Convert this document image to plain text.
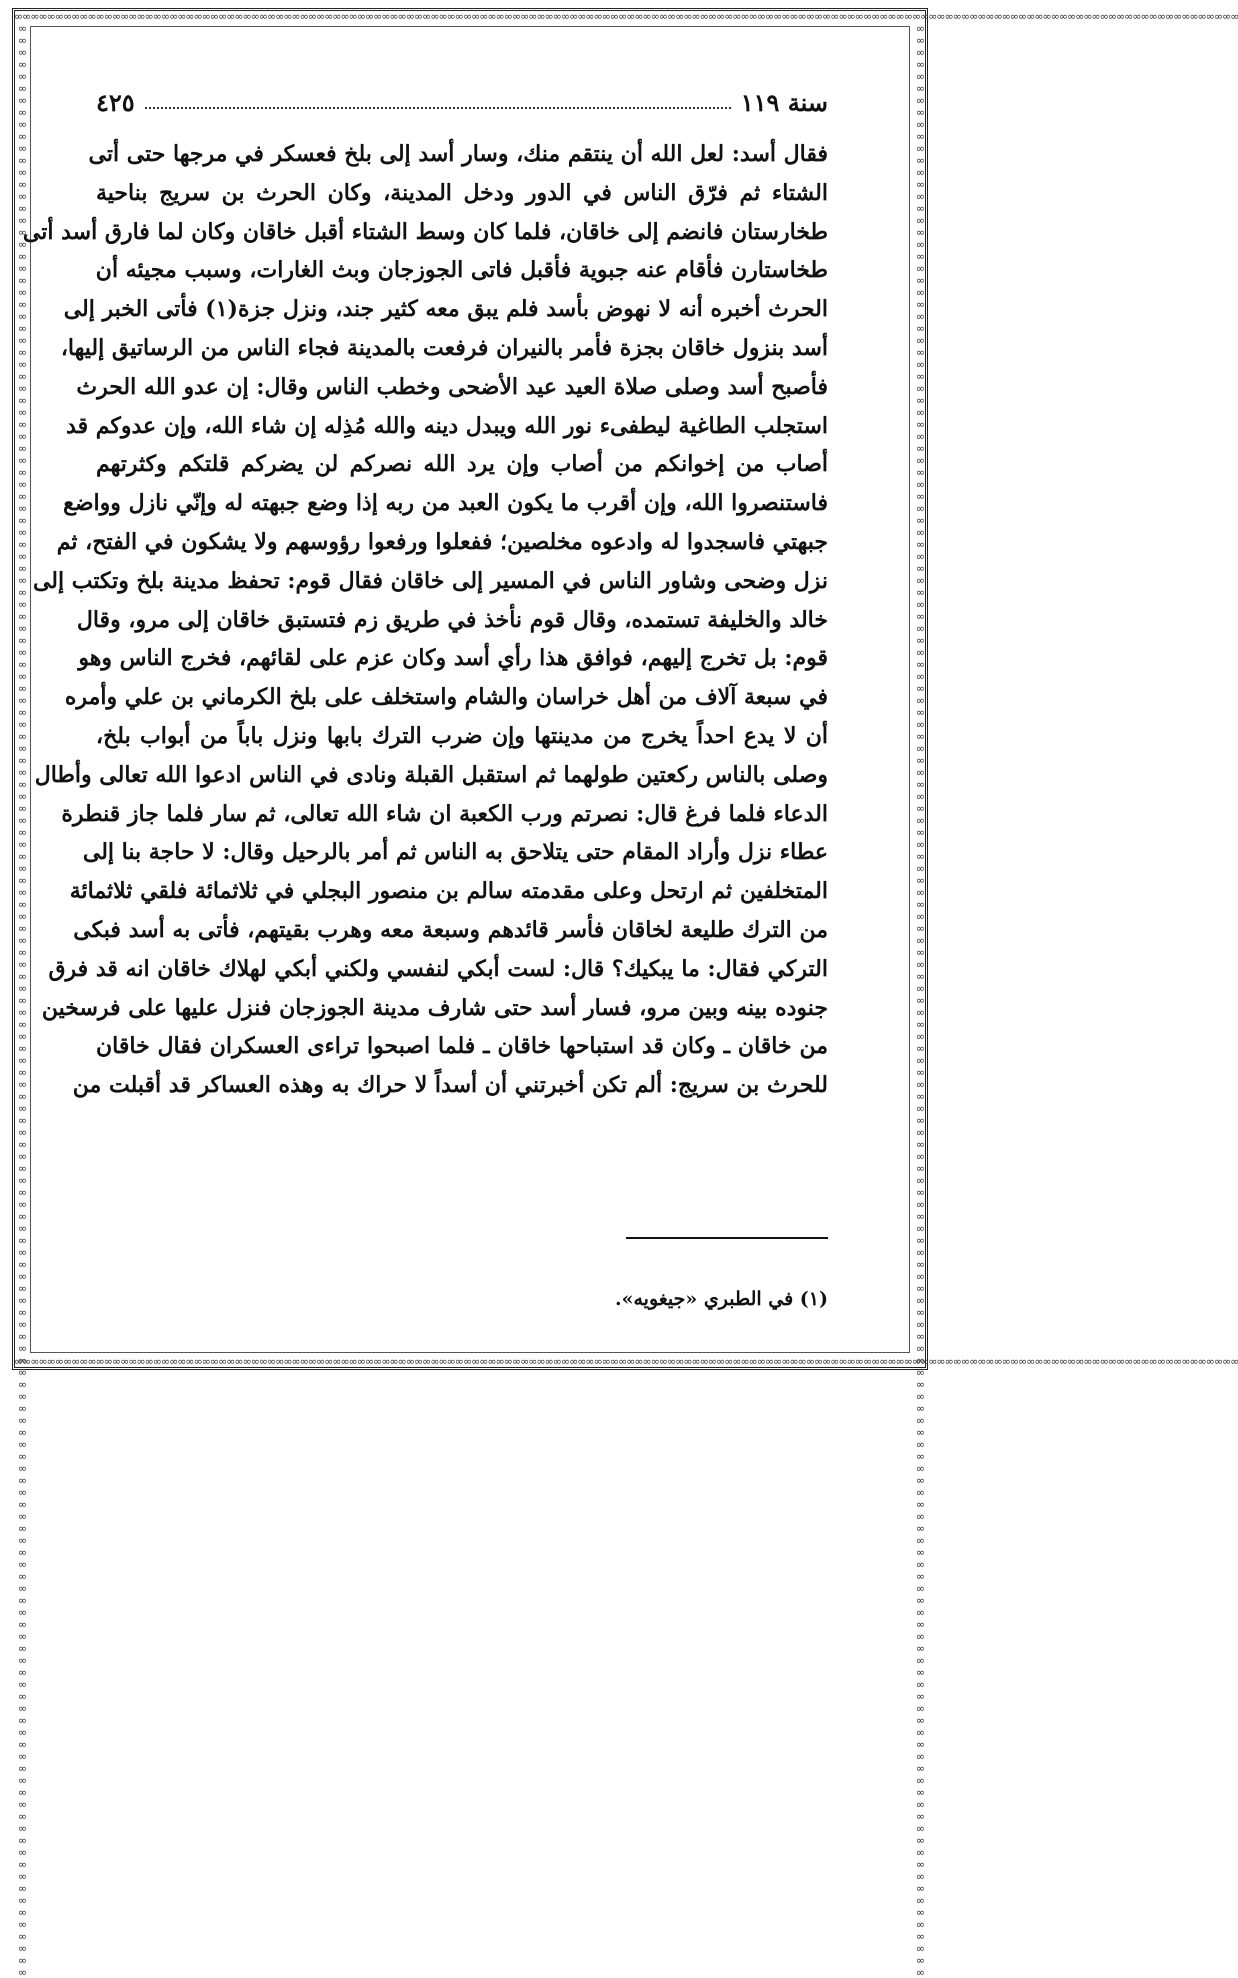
∞∞∞∞∞∞∞∞∞∞∞∞∞∞∞∞∞∞∞∞∞∞∞∞∞∞∞∞∞∞∞∞∞∞∞∞∞∞∞∞∞∞∞∞∞∞∞∞∞∞∞∞∞∞∞∞∞∞∞∞∞∞∞∞∞∞∞∞∞∞∞∞∞∞∞∞∞∞∞∞∞∞∞∞∞∞∞∞∞∞∞∞∞∞∞∞∞∞∞∞∞∞∞∞∞∞∞∞∞∞∞∞∞∞∞∞∞∞∞∞∞∞∞∞∞∞∞∞∞∞∞∞∞∞∞∞∞∞∞∞∞∞∞∞∞∞∞∞∞∞
∞∞∞∞∞∞∞∞∞∞∞∞∞∞∞∞∞∞∞∞∞∞∞∞∞∞∞∞∞∞∞∞∞∞∞∞∞∞∞∞∞∞∞∞∞∞∞∞∞∞∞∞∞∞∞∞∞∞∞∞∞∞∞∞∞∞∞∞∞∞∞∞∞∞∞∞∞∞∞∞∞∞∞∞∞∞∞∞∞∞∞∞∞∞∞∞∞∞∞∞∞∞∞∞∞∞∞∞∞∞∞∞∞∞∞∞∞∞∞∞∞∞∞∞∞∞∞∞∞∞∞∞∞∞∞∞∞∞∞∞∞∞∞∞∞∞∞∞∞∞
∞∞∞∞∞∞∞∞∞∞∞∞∞∞∞∞∞∞∞∞∞∞∞∞∞∞∞∞∞∞∞∞∞∞∞∞∞∞∞∞∞∞∞∞∞∞∞∞∞∞∞∞∞∞∞∞∞∞∞∞∞∞∞∞∞∞∞∞∞∞∞∞∞∞∞∞∞∞∞∞∞∞∞∞∞∞∞∞∞∞∞∞∞∞∞∞∞∞∞∞∞∞∞∞∞∞∞∞∞∞∞∞∞∞∞∞∞∞∞∞∞∞∞∞∞∞∞∞∞∞∞∞∞∞∞∞∞∞∞∞∞∞∞∞∞∞∞∞∞∞∞∞∞∞∞∞∞∞∞∞∞∞∞	∞∞∞∞∞∞∞∞∞∞∞∞∞∞∞∞∞∞∞∞∞∞∞∞∞∞∞∞∞∞∞∞∞∞∞∞∞∞∞∞∞∞∞∞∞∞∞∞∞∞∞∞∞∞∞∞∞∞∞∞∞∞∞∞∞∞∞∞∞∞∞∞∞∞∞∞∞∞∞∞∞∞∞∞∞∞∞∞∞∞∞∞∞∞∞∞∞∞∞∞∞∞∞∞∞∞∞∞∞∞∞∞∞∞∞∞∞∞∞∞∞∞∞∞∞∞∞∞∞∞∞∞∞∞∞∞∞∞∞∞∞∞∞∞∞∞∞∞∞∞∞∞∞∞∞∞∞∞∞∞∞∞∞
سنة ١١٩
٤٢٥
فقال أسد: لعل الله أن ينتقم منك، وسار أسد إلى بلخ فعسكر في مرجها حتى أتى
الشتاء ثم فرّق الناس في الدور ودخل المدينة، وكان الحرث بن سريج بناحية
طخارستان فانضم إلى خاقان، فلما كان وسط الشتاء أقبل خاقان وكان لما فارق أسد أتى
طخاستارن فأقام عنه جبوية فأقبل فاتى الجوزجان وبث الغارات، وسبب مجيئه أن
الحرث أخبره أنه لا نهوض بأسد فلم يبق معه كثير جند، ونزل جزة(١) فأتى الخبر إلى
أسد بنزول خاقان بجزة فأمر بالنيران فرفعت بالمدينة فجاء الناس من الرساتيق إليها،
فأصبح أسد وصلى صلاة العيد عيد الأضحى وخطب الناس وقال: إن عدو الله الحرث
استجلب الطاغية ليطفىء نور الله ويبدل دينه والله مُذِله إن شاء الله، وإن عدوكم قد
أصاب من إخوانكم من أصاب وإن يرد الله نصركم لن يضركم قلتكم وكثرتهم
فاستنصروا الله، وإن أقرب ما يكون العبد من ربه إذا وضع جبهته له وإنّي نازل وواضع
جبهتي فاسجدوا له وادعوه مخلصين؛ ففعلوا ورفعوا رؤوسهم ولا يشكون في الفتح، ثم
نزل وضحى وشاور الناس في المسير إلى خاقان فقال قوم: تحفظ مدينة بلخ وتكتب إلى
خالد والخليفة تستمده، وقال قوم نأخذ في طريق زم فتستبق خاقان إلى مرو، وقال
قوم: بل تخرج إليهم، فوافق هذا رأي أسد وكان عزم على لقائهم، فخرج الناس وهو
في سبعة آلاف من أهل خراسان والشام واستخلف على بلخ الكرماني بن علي وأمره
أن لا يدع احداً يخرج من مدينتها وإن ضرب الترك بابها ونزل باباً من أبواب بلخ،
وصلى بالناس ركعتين طولهما ثم استقبل القبلة ونادى في الناس ادعوا الله تعالى وأطال
الدعاء فلما فرغ قال: نصرتم ورب الكعبة ان شاء الله تعالى، ثم سار فلما جاز قنطرة
عطاء نزل وأراد المقام حتى يتلاحق به الناس ثم أمر بالرحيل وقال: لا حاجة بنا إلى
المتخلفين ثم ارتحل وعلى مقدمته سالم بن منصور البجلي في ثلاثمائة فلقي ثلاثمائة
من الترك طليعة لخاقان فأسر قائدهم وسبعة معه وهرب بقيتهم، فأتى به أسد فبكى
التركي فقال: ما يبكيك؟ قال: لست أبكي لنفسي ولكني أبكي لهلاك خاقان انه قد فرق
جنوده بينه وبين مرو، فسار أسد حتى شارف مدينة الجوزجان فنزل عليها على فرسخين
من خاقان ـ وكان قد استباحها خاقان ـ فلما اصبحوا تراءى العسكران فقال خاقان
للحرث بن سريج: ألم تكن أخبرتني أن أسداً لا حراك به وهذه العساكر قد أقبلت من
(١) في الطبري «جيغويه».
